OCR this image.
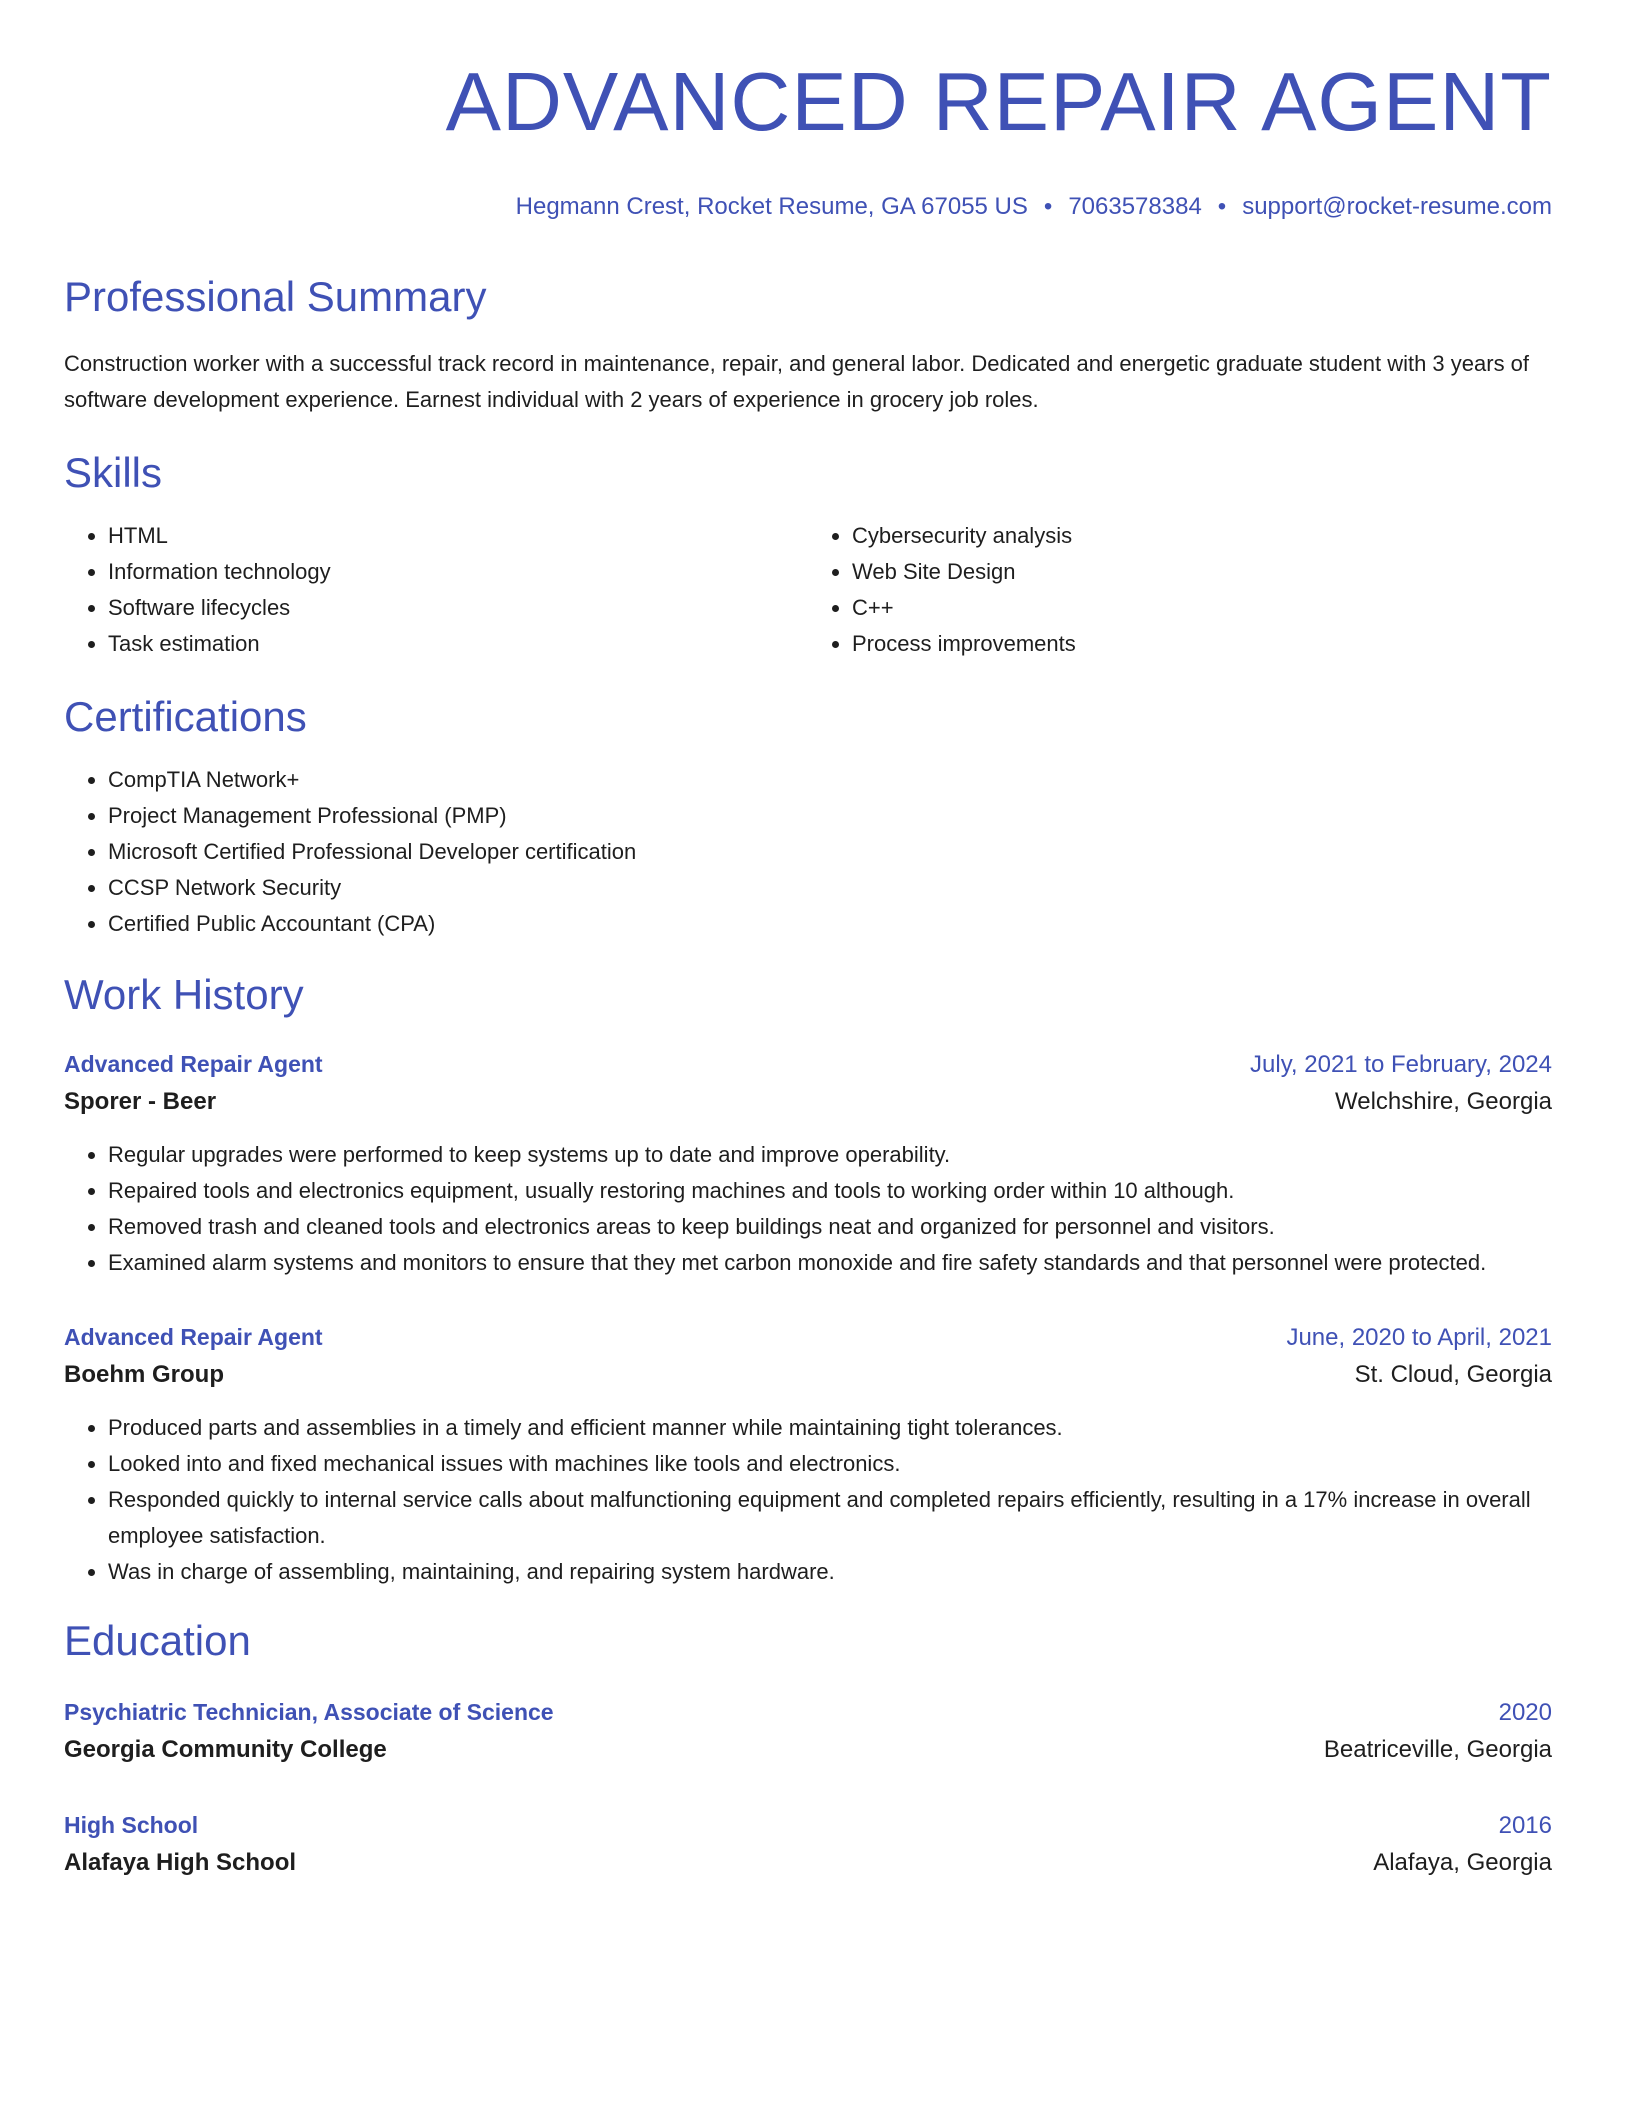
ADVANCED REPAIR AGENT
Hegmann Crest, Rocket Resume, GA 67055 US • 7063578384 • support@rocket-resume.com
Professional Summary
Construction worker with a successful track record in maintenance, repair, and general labor. Dedicated and energetic graduate student with 3 years of software development experience. Earnest individual with 2 years of experience in grocery job roles.
Skills
• HTML
• Information technology
• Software lifecycles
• Task estimation
• Cybersecurity analysis
• Web Site Design
• C++
• Process improvements
Certifications
• CompTIA Network+
• Project Management Professional (PMP)
• Microsoft Certified Professional Developer certification
• CCSP Network Security
• Certified Public Accountant (CPA)
Work History
Advanced Repair Agent	July, 2021 to February, 2024
Sporer - Beer	Welchshire, Georgia
• Regular upgrades were performed to keep systems up to date and improve operability.
• Repaired tools and electronics equipment, usually restoring machines and tools to working order within 10 although.
• Removed trash and cleaned tools and electronics areas to keep buildings neat and organized for personnel and visitors.
• Examined alarm systems and monitors to ensure that they met carbon monoxide and fire safety standards and that personnel were protected.
Advanced Repair Agent	June, 2020 to April, 2021
Boehm Group	St. Cloud, Georgia
• Produced parts and assemblies in a timely and efficient manner while maintaining tight tolerances.
• Looked into and fixed mechanical issues with machines like tools and electronics.
• Responded quickly to internal service calls about malfunctioning equipment and completed repairs efficiently, resulting in a 17% increase in overall employee satisfaction.
• Was in charge of assembling, maintaining, and repairing system hardware.
Education
Psychiatric Technician, Associate of Science	2020
Georgia Community College	Beatriceville, Georgia
High School	2016
Alafaya High School	Alafaya, Georgia
